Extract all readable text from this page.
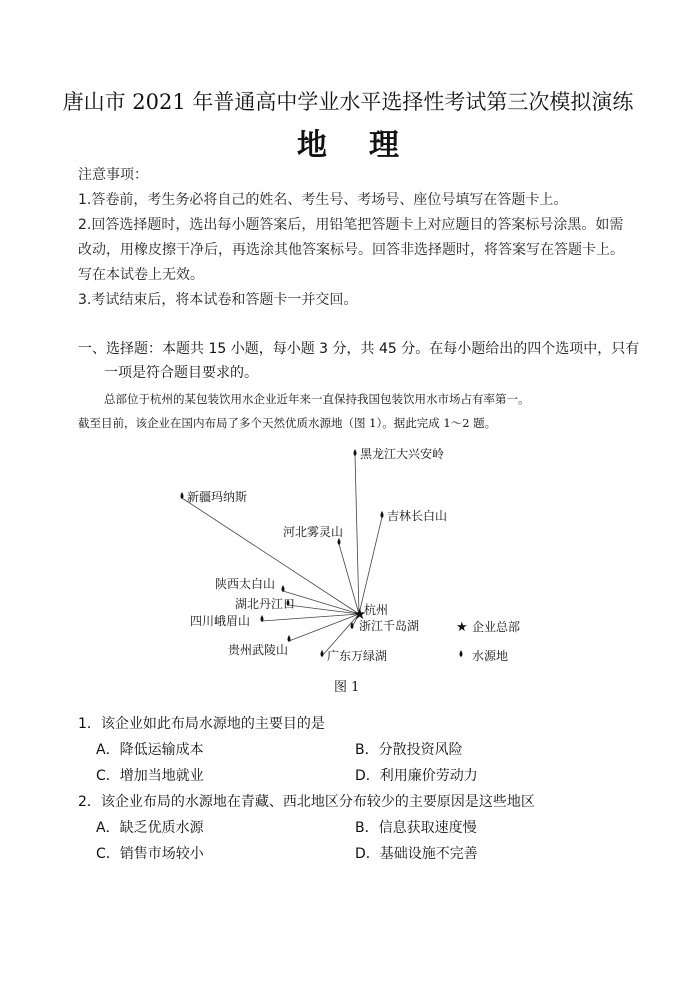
唐山市 2021 年普通高中学业水平选择性考试第三次模拟演练
地理
注意事项：
1.答卷前，考生务必将自己的姓名、考生号、考场号、座位号填写在答题卡上。
2.回答选择题时，选出每小题答案后，用铅笔把答题卡上对应题目的答案标号涂黑。如需
改动，用橡皮擦干净后，再选涂其他答案标号。回答非选择题时，将答案写在答题卡上。
写在本试卷上无效。
3.考试结束后，将本试卷和答题卡一并交回。
一、选择题：本题共 15 小题，每小题 3 分，共 45 分。在每小题给出的四个选项中，只有
一项是符合题目要求的。
总部位于杭州的某包装饮用水企业近年来一直保持我国包装饮用水市场占有率第一。
截至目前，该企业在国内布局了多个天然优质水源地（图 1）。据此完成 1～2 题。
★
黑龙江大兴安岭
新疆玛纳斯
吉林长白山
河北雾灵山
陕西太白山
湖北丹江口
四川峨眉山	浙江千岛湖
贵州武陵山	广东万绿湖
杭州
★ 企业总部
水源地
图 1
1．该企业如此布局水源地的主要目的是
A．降低运输成本	B．分散投资风险
C．增加当地就业	D．利用廉价劳动力
2．该企业布局的水源地在青藏、西北地区分布较少的主要原因是这些地区
A．缺乏优质水源	B．信息获取速度慢
C．销售市场较小	D．基础设施不完善
